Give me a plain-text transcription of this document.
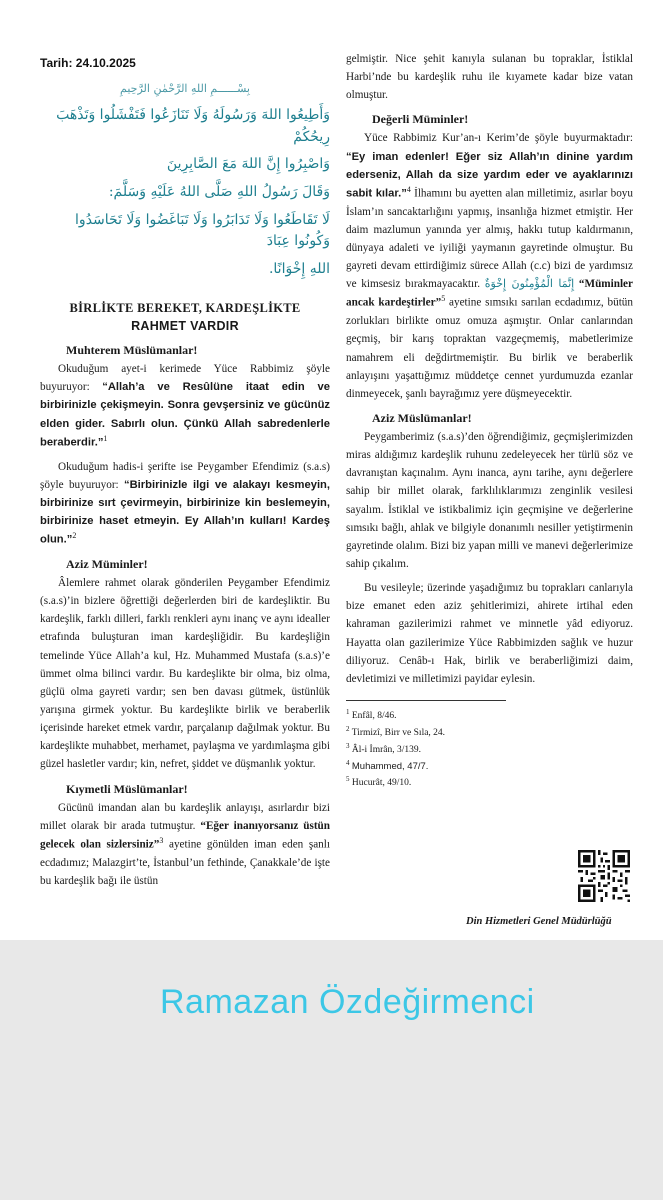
Tarih: 24.10.2025
بِسْــــــمِ اللهِ الرَّحْمٰنِ الرَّحِيمِ
وَأَطِيعُوا اللهَ وَرَسُولَهُ وَلَا تَنَازَعُوا فَتَفْشَلُوا وَتَذْهَبَ رِيحُكُمْ
وَاصْبِرُوا إِنَّ اللهَ مَعَ الصَّابِرِينَ
وَقَالَ رَسُولُ اللهِ صَلَّى اللهُ عَلَيْهِ وَسَلَّمَ:
لَا تَقَاطَعُوا وَلَا تَدَابَرُوا وَلَا تَبَاغَضُوا وَلَا تَحَاسَدُوا وَكُونُوا عِبَادَ
اللهِ إِخْوَانًا.
BİRLİKTE BEREKET, KARDEŞLİKTE
RAHMET VARDIR
Muhterem Müslümanlar!

Okuduğum ayet-i kerimede Yüce Rabbimiz şöyle buyuruyor: “Allah’a ve Resûlüne itaat edin ve birbirinizle çekişmeyin. Sonra gevşersiniz ve gücünüz elden gider. Sabırlı olun. Çünkü Allah sabredenlerle beraberdir.”$^1$

Okuduğum hadis-i şerifte ise Peygamber Efendimiz (s.a.s) şöyle buyuruyor: “Birbirinizle ilgi ve alakayı kesmeyin, birbirinize sırt çevirmeyin, birbirinize kin beslemeyin, birbirinize haset etmeyin. Ey Allah’ın kulları! Kardeş olun.”$^2$

Aziz Müminler!

Âlemlere rahmet olarak gönderilen Peygamber Efendimiz (s.a.s)’in bizlere öğrettiği değerlerden biri de kardeşliktir. Bu kardeşlik, farklı dilleri, farklı renkleri aynı inanç ve aynı idealler etrafında buluşturan iman kardeşliğidir. Bu kardeşliğin temelinde Yüce Allah’a kul, Hz. Muhammed Mustafa (s.a.s)’e ümmet olma bilinci vardır. Bu kardeşlikte bir olma, biz olma, güçlü olma gayreti vardır; sen ben davası gütmek, üstünlük yarışına girmek yoktur. Bu kardeşlikte birlik ve beraberlik içerisinde hareket etmek vardır, parçalanıp dağılmak yoktur. Bu kardeşlikte muhabbet, merhamet, paylaşma ve yardımlaşma gibi güzel hasletler vardır; kin, nefret, şiddet ve düşmanlık yoktur.

Kıymetli Müslümanlar!

Gücünü imandan alan bu kardeşlik anlayışı, asırlardır bizi millet olarak bir arada tutmuştur. “Eğer inanıyorsanız üstün gelecek olan sizlersiniz”$^3$ ayetine gönülden iman eden şanlı ecdadımız; Malazgirt’te, İstanbul’un fethinde, Çanakkale’de işte bu kardeşlik bağı ile üstün

gelmiştir. Nice şehit kanıyla sulanan bu topraklar, İstiklal Harbi’nde bu kardeşlik ruhu ile kıyamete kadar bize vatan olmuştur.

Değerli Müminler!

Yüce Rabbimiz Kur’an-ı Kerim’de şöyle buyurmaktadır: “Ey iman edenler! Eğer siz Allah’ın dinine yardım ederseniz, Allah da size yardım eder ve ayaklarınızı sabit kılar.”$^4$ İlhamını bu ayetten alan milletimiz, asırlar boyu İslam’ın sancaktarlığını yapmış, insanlığa hizmet etmiştir. Her daim mazlumun yanında yer almış, hakkı tutup kaldırmanın, dünyaya adaleti ve iyiliği yaymanın gayretinde olmuştur. Bu gayreti devam ettirdiğimiz sürece Allah (c.c) bizi de yardımsız ve kimsesiz bırakmayacaktır. إِنَّمَا الْمُؤْمِنُونَ إِخْوَةٌ “Müminler ancak kardeştirler”$^5$ ayetine sımsıkı sarılan ecdadımız, bütün zorlukları birlikte omuz omuza aşmıştır. Onlar canlarından geçmiş, bir karış topraktan vazgeçmemiş, mabetlerimize namahrem eli değdirtmemiştir. Bu birlik ve beraberlik anlayışını yaşattığımız müddetçe cennet yurdumuzda ezanlar dinmeyecek, şanlı bayrağımız yere düşmeyecektir.

Aziz Müslümanlar!

Peygamberimiz (s.a.s)’den öğrendiğimiz, geçmişlerimizden miras aldığımız kardeşlik ruhunu zedeleyecek her türlü söz ve davranıştan kaçınalım. Aynı inanca, aynı tarihe, aynı değerlere sahip bir millet olarak, farklılıklarımızı zenginlik vesilesi sayalım. İstiklal ve istikbalimiz için geçmişine ve değerlerine sımsıkı bağlı, ahlak ve bilgiyle donanımlı nesiller yetiştirmenin gayretinde olalım. Bizi biz yapan milli ve manevi değerlerimize sahip çıkalım.

Bu vesileyle; üzerinde yaşadığımız bu toprakları canlarıyla bize emanet eden aziz şehitlerimizi, ahirete irtihal eden kahraman gazilerimizi rahmet ve minnetle yâd ediyoruz. Hayatta olan gazilerimize Yüce Rabbimizden sağlık ve huzur diliyoruz. Cenâb-ı Hak, birlik ve beraberliğimizi daim, devletimizi ve milletimizi payidar eylesin.

$^1$ Enfâl, 8/46.
$^2$ Tirmizî, Birr ve Sıla, 24.
$^3$ Âl-i İmrân, 3/139.
$^4$ Muhammed, 47/7.
$^5$ Hucurât, 49/10.
Din Hizmetleri Genel Müdürlüğü
Ramazan Özdeğirmenci
